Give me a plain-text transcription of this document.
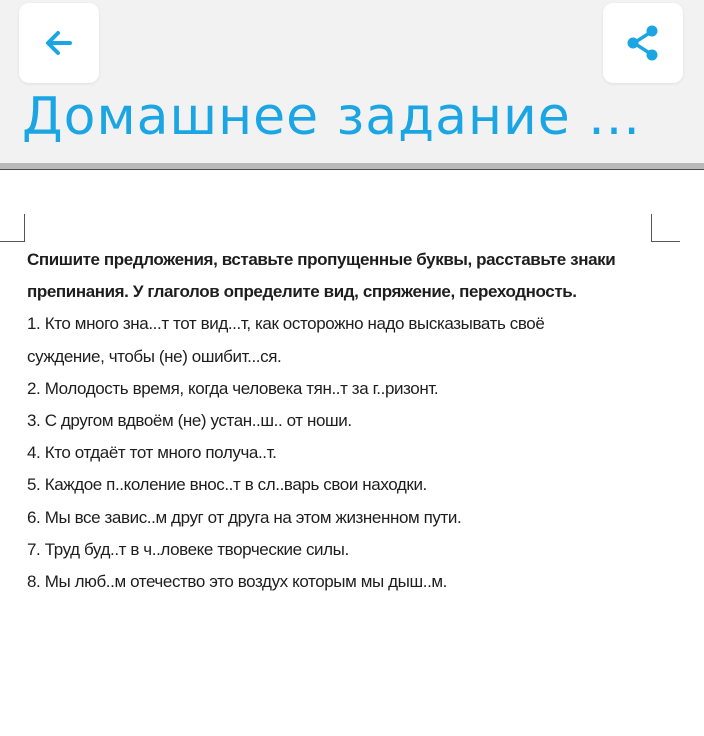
Домашнее задание ...
Спишите предложения, вставьте пропущенные буквы, расставьте знаки
препинания. У глаголов определите вид, спряжение, переходность.
1. Кто много зна...т тот вид...т, как осторожно надо высказывать своё
суждение, чтобы (не) ошибит...ся.
2. Молодость время, когда человека тян..т за г..ризонт.
3. С другом вдвоём (не) устан..ш.. от ноши.
4. Кто отдаёт тот много получа..т.
5. Каждое п..коление внос..т в сл..варь свои находки.
6. Мы все завис..м друг от друга на этом жизненном пути.
7. Труд буд..т в ч..ловеке творческие силы.
8. Мы люб..м отечество это воздух которым мы дыш..м.
